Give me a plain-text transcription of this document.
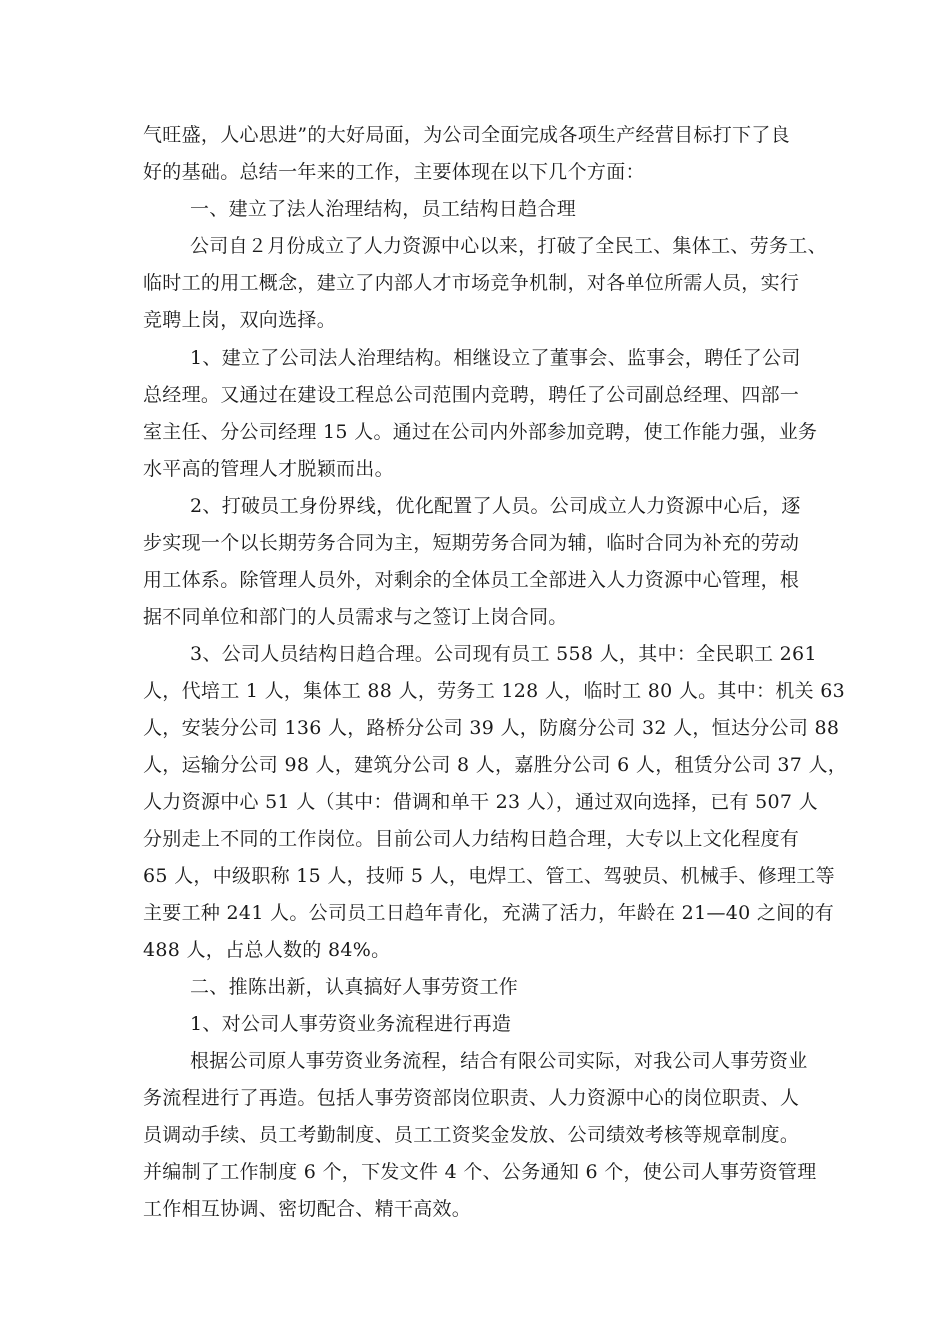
气旺盛，人心思进”的大好局面，为公司全面完成各项生产经营目标打下了良

好的基础。总结一年来的工作，主要体现在以下几个方面：

一、建立了法人治理结构，员工结构日趋合理

公司自２月份成立了人力资源中心以来，打破了全民工、集体工、劳务工、

临时工的用工概念，建立了内部人才市场竞争机制，对各单位所需人员，实行

竞聘上岗，双向选择。

1、建立了公司法人治理结构。相继设立了董事会、监事会，聘任了公司

总经理。又通过在建设工程总公司范围内竞聘，聘任了公司副总经理、四部一

室主任、分公司经理 15 人。通过在公司内外部参加竞聘，使工作能力强，业务

水平高的管理人才脱颖而出。

2、打破员工身份界线，优化配置了人员。公司成立人力资源中心后，逐

步实现一个以长期劳务合同为主，短期劳务合同为辅，临时合同为补充的劳动

用工体系。除管理人员外，对剩余的全体员工全部进入人力资源中心管理，根

据不同单位和部门的人员需求与之签订上岗合同。

3、公司人员结构日趋合理。公司现有员工 558 人，其中：全民职工 261

人，代培工 1 人，集体工 88 人，劳务工 128 人，临时工 80 人。其中：机关 63

人，安装分公司 136 人，路桥分公司 39 人，防腐分公司 32 人，恒达分公司 88

人，运输分公司 98 人，建筑分公司 8 人，嘉胜分公司 6 人，租赁分公司 37 人，

人力资源中心 51 人（其中：借调和单干 23 人），通过双向选择，已有 507 人

分别走上不同的工作岗位。目前公司人力结构日趋合理，大专以上文化程度有

65 人，中级职称 15 人，技师 5 人，电焊工、管工、驾驶员、机械手、修理工等

主要工种 241 人。公司员工日趋年青化，充满了活力，年龄在 21—40 之间的有

488 人，占总人数的 84%。

二、推陈出新，认真搞好人事劳资工作

1、对公司人事劳资业务流程进行再造

根据公司原人事劳资业务流程，结合有限公司实际，对我公司人事劳资业

务流程进行了再造。包括人事劳资部岗位职责、人力资源中心的岗位职责、人

员调动手续、员工考勤制度、员工工资奖金发放、公司绩效考核等规章制度。

并编制了工作制度 6 个，下发文件 4 个、公务通知 6 个，使公司人事劳资管理

工作相互协调、密切配合、精干高效。
